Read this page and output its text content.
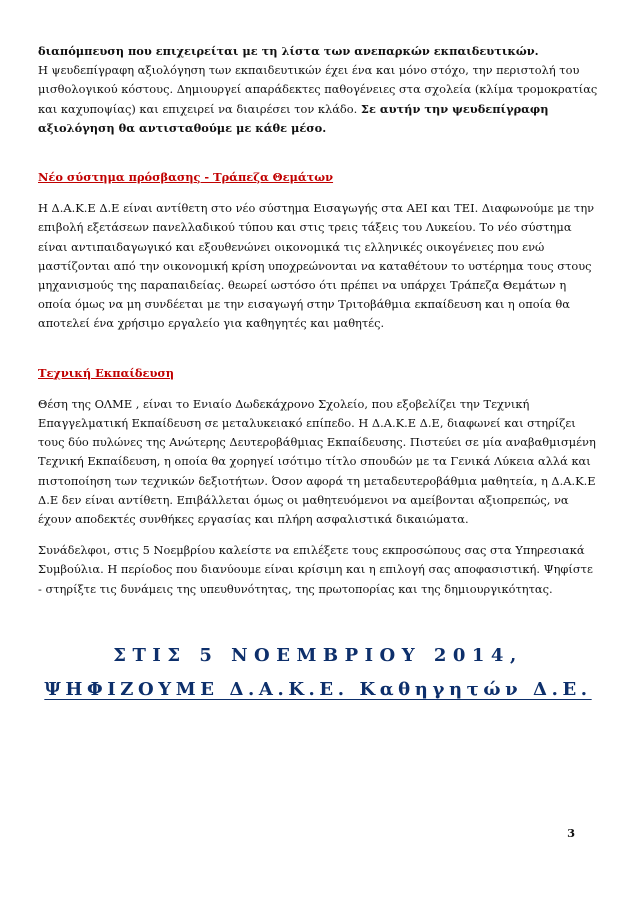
διαπόμπευση που επιχειρείται με τη λίστα των ανεπαρκών εκπαιδευτικών.
Η ψευδεπίγραφη αξιολόγηση των εκπαιδευτικών έχει ένα και μόνο στόχο, την περιστολή του μισθολογικού κόστους. Δημιουργεί απαράδεκτες παθογένειες στα σχολεία (κλίμα τρομοκρατίας και καχυποψίας) και επιχειρεί να διαιρέσει τον κλάδο. Σε αυτήν την ψευδεπίγραφη αξιολόγηση θα αντισταθούμε με κάθε μέσο.

Νέο σύστημα πρόσβασης - Τράπεζα Θεμάτων

Η Δ.Α.Κ.Ε Δ.Ε είναι αντίθετη στο νέο σύστημα Εισαγωγής στα ΑΕΙ και ΤΕΙ. Διαφωνούμε με την επιβολή εξετάσεων πανελλαδικού τύπου και στις τρεις τάξεις του Λυκείου. Το νέο σύστημα είναι αντιπαιδαγωγικό και εξουθενώνει οικονομικά τις ελληνικές οικογένειες που ενώ μαστίζονται από την οικονομική κρίση υποχρεώνονται να καταθέτουν το υστέρημα τους στους μηχανισμούς της παραπαιδείας. θεωρεί ωστόσο ότι πρέπει να υπάρχει Τράπεζα Θεμάτων η οποία όμως να μη συνδέεται με την εισαγωγή στην Τριτοβάθμια εκπαίδευση και η οποία θα αποτελεί ένα χρήσιμο εργαλείο για καθηγητές και μαθητές.

Τεχνική Εκπαίδευση

Θέση της ΟΛΜΕ , είναι το Ενιαίο Δωδεκάχρονο Σχολείο, που εξοβελίζει την Τεχνική Επαγγελματική Εκπαίδευση σε μεταλυκειακό επίπεδο. Η Δ.Α.Κ.Ε Δ.Ε, διαφωνεί και στηρίζει τους δύο πυλώνες της Ανώτερης Δευτεροβάθμιας Εκπαίδευσης. Πιστεύει σε μία αναβαθμισμένη Τεχνική Εκπαίδευση, η οποία θα χορηγεί ισότιμο τίτλο σπουδών με τα Γενικά Λύκεια αλλά και πιστοποίηση των τεχνικών δεξιοτήτων. Όσον αφορά τη μεταδευτεροβάθμια μαθητεία, η Δ.Α.Κ.Ε Δ.Ε δεν είναι αντίθετη. Επιβάλλεται όμως οι μαθητευόμενοι να αμείβονται αξιοπρεπώς, να έχουν αποδεκτές συνθήκες εργασίας και πλήρη ασφαλιστικά δικαιώματα.

Συνάδελφοι, στις 5 Νοεμβρίου καλείστε να επιλέξετε τους εκπροσώπους σας στα Υπηρεσιακά Συμβούλια. Η περίοδος που διανύουμε είναι κρίσιμη και η επιλογή σας αποφασιστική. Ψηφίστε - στηρίξτε τις δυνάμεις της υπευθυνότητας, της πρωτοπορίας και της δημιουργικότητας.

ΣΤΙΣ 5 ΝΟΕΜΒΡΙΟΥ 2014,
ΨΗΦΙΖΟΥΜΕ Δ.Α.Κ.Ε. Καθηγητών Δ.Ε.
3
